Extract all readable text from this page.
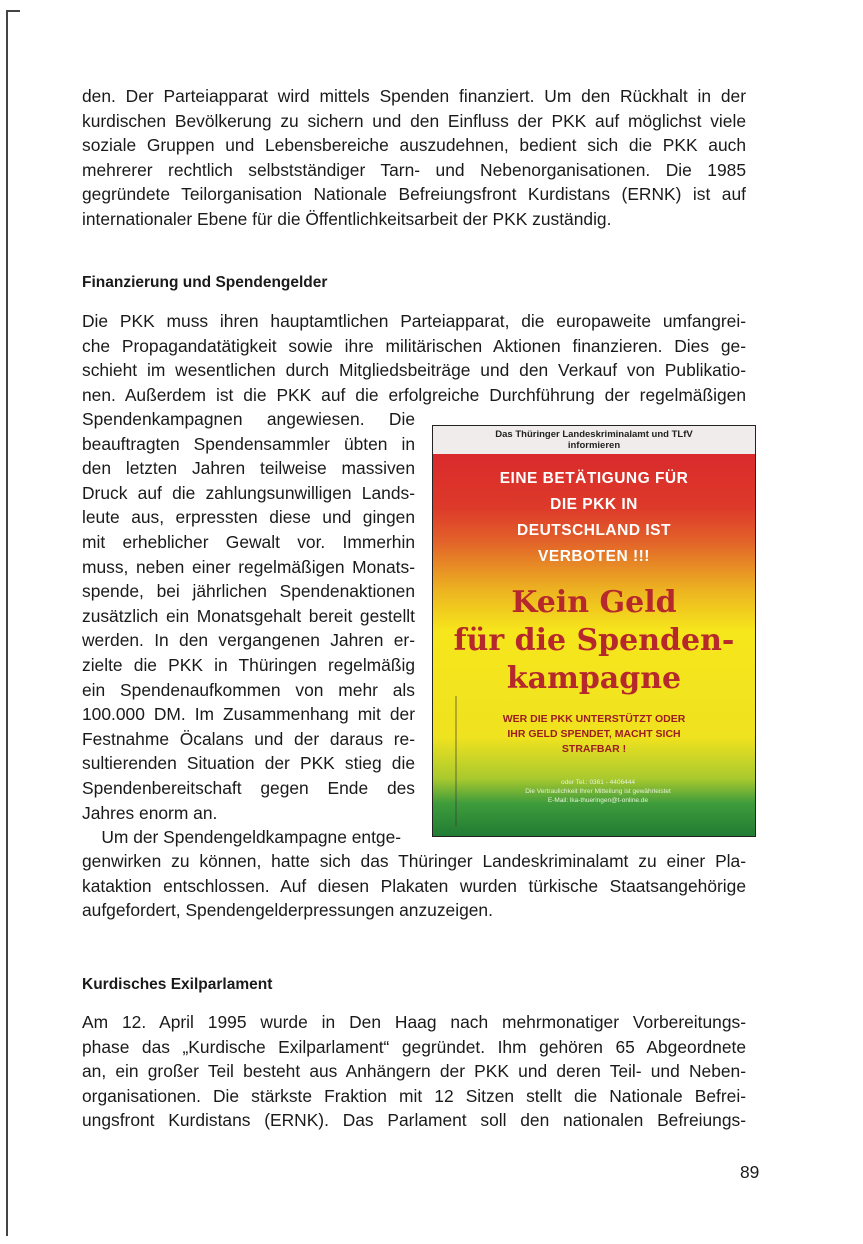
den. Der Parteiapparat wird mittels Spenden finanziert. Um den Rückhalt in der
kurdischen Bevölkerung zu sichern und den Einfluss der PKK auf möglichst viele
soziale Gruppen und Lebensbereiche auszudehnen, bedient sich die PKK auch
mehrerer rechtlich selbstständiger Tarn- und Nebenorganisationen. Die 1985
gegründete Teilorganisation Nationale Befreiungsfront Kurdistans (ERNK) ist auf
internationaler Ebene für die Öffentlichkeitsarbeit der PKK zuständig.

Finanzierung und Spendengelder

Die PKK muss ihren hauptamtlichen Parteiapparat, die europaweite umfangrei-
che Propagandatätigkeit sowie ihre militärischen Aktionen finanzieren. Dies ge-
schieht im wesentlichen durch Mitgliedsbeiträge und den Verkauf von Publikatio-
nen. Außerdem ist die PKK auf die erfolgreiche Durchführung der regelmäßigen

Spendenkampagnen angewiesen. Die
beauftragten Spendensammler übten in
den letzten Jahren teilweise massiven
Druck auf die zahlungsunwilligen Lands-
leute aus, erpressten diese und gingen
mit erheblicher Gewalt vor. Immerhin
muss, neben einer regelmäßigen Monats-
spende, bei jährlichen Spendenaktionen
zusätzlich ein Monatsgehalt bereit gestellt
werden. In den vergangenen Jahren er-
zielte die PKK in Thüringen regelmäßig
ein Spendenaufkommen von mehr als
100.000 DM. Im Zusammenhang mit der
Festnahme Öcalans und der daraus re-
sultierenden Situation der PKK stieg die
Spendenbereitschaft gegen Ende des
Jahres enorm an.
Um der Spendengeldkampagne entge-

Das Thüringer Landeskriminalamt und TLfV
informieren

EINE BETÄTIGUNG FÜR
DIE PKK IN
DEUTSCHLAND IST
VERBOTEN !!!

Kein Geld
für die Spenden-
kampagne

WER DIE PKK UNTERSTÜTZT ODER
IHR GELD SPENDET, MACHT SICH
STRAFBAR !

oder Tel.: 0361 - 4406444
Die Vertraulichkeit Ihrer Mitteilung ist gewährleistet
E-Mail: lka-thueringen@t-online.de

genwirken zu können, hatte sich das Thüringer Landeskriminalamt zu einer Pla-
kataktion entschlossen. Auf diesen Plakaten wurden türkische Staatsangehörige
aufgefordert, Spendengelderpressungen anzuzeigen.

Kurdisches Exilparlament

Am 12. April 1995 wurde in Den Haag nach mehrmonatiger Vorbereitungs-
phase das „Kurdische Exilparlament“ gegründet. Ihm gehören 65 Abgeordnete
an, ein großer Teil besteht aus Anhängern der PKK und deren Teil- und Neben-
organisationen. Die stärkste Fraktion mit 12 Sitzen stellt die Nationale Befrei-
ungsfront Kurdistans (ERNK). Das Parlament soll den nationalen Befreiungs-

89
